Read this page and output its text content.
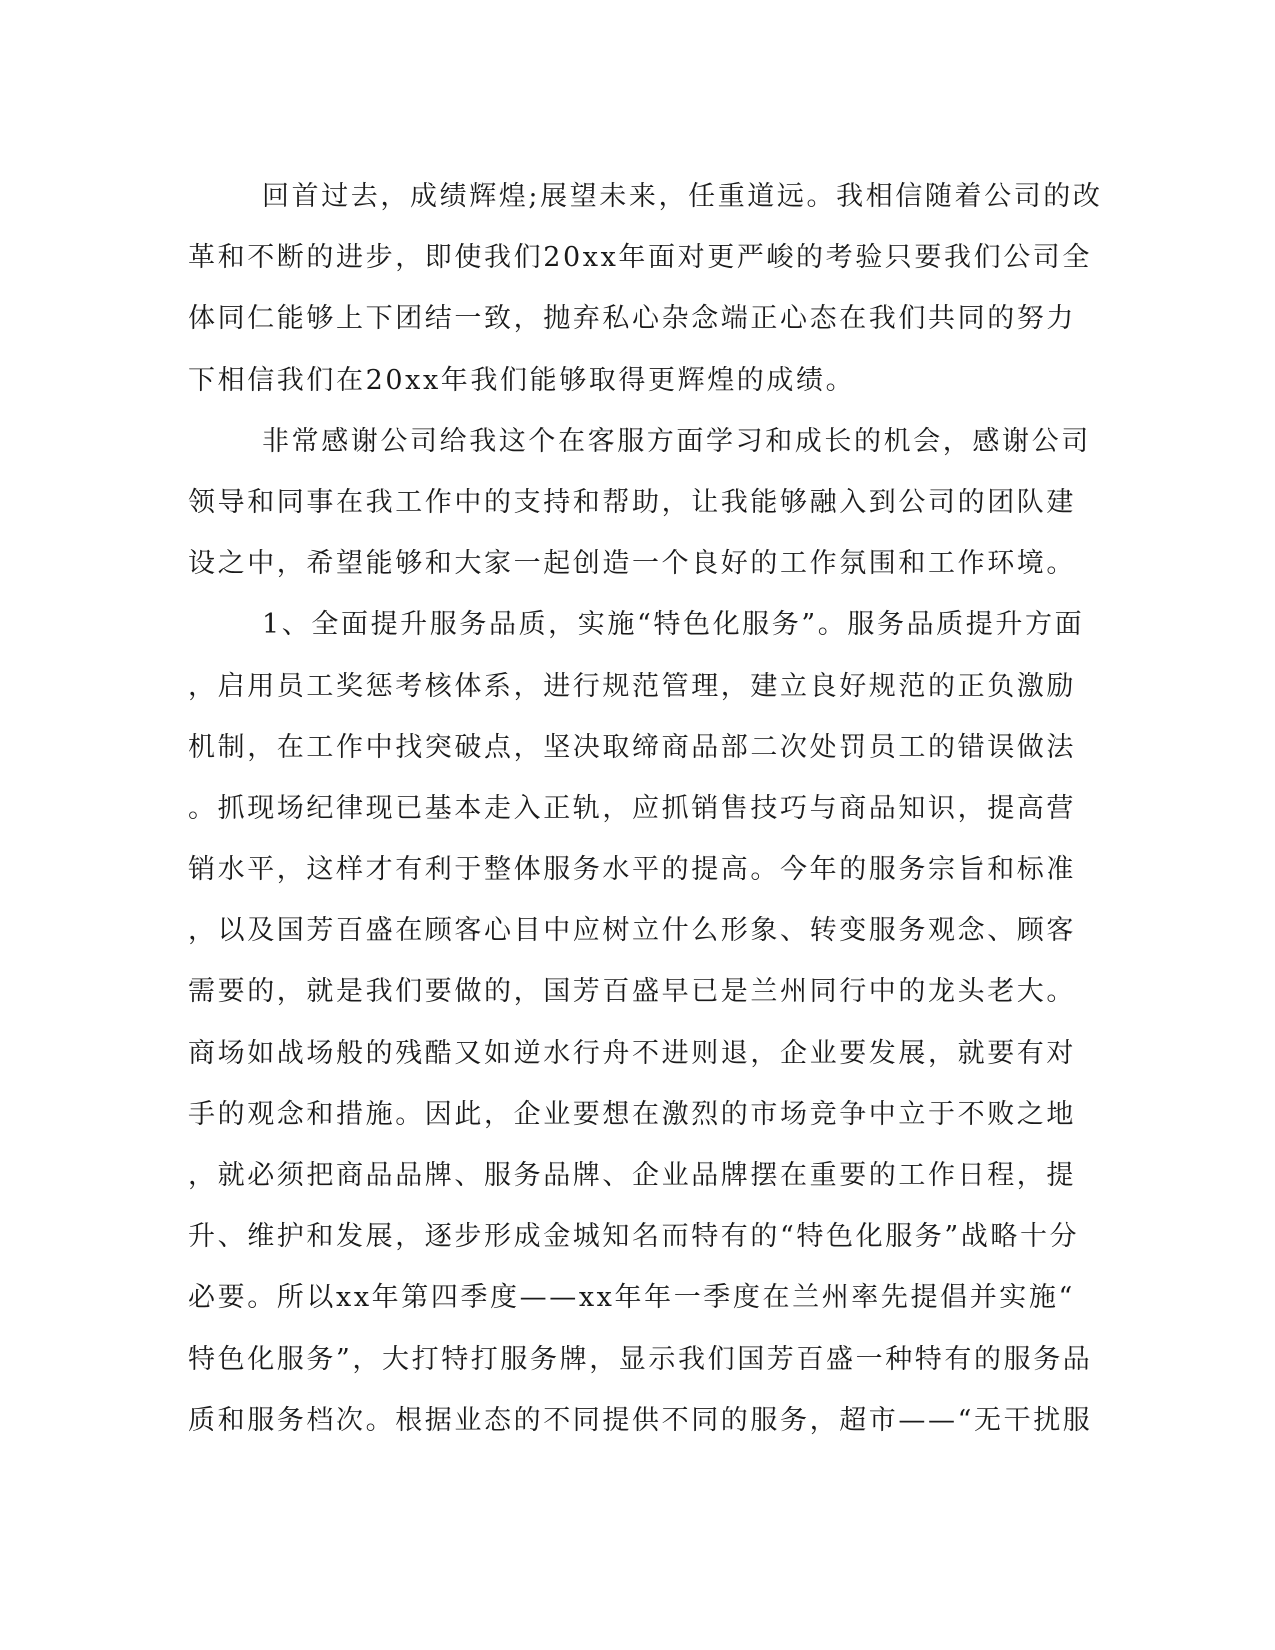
回首过去，成绩辉煌;展望未来，任重道远。我相信随着公司的改
革和不断的进步，即使我们20xx年面对更严峻的考验只要我们公司全
体同仁能够上下团结一致，抛弃私心杂念端正心态在我们共同的努力
下相信我们在20xx年我们能够取得更辉煌的成绩。
非常感谢公司给我这个在客服方面学习和成长的机会，感谢公司
领导和同事在我工作中的支持和帮助，让我能够融入到公司的团队建
设之中，希望能够和大家一起创造一个良好的工作氛围和工作环境。
1、全面提升服务品质，实施“特色化服务”。服务品质提升方面
，启用员工奖惩考核体系，进行规范管理，建立良好规范的正负激励
机制，在工作中找突破点，坚决取缔商品部二次处罚员工的错误做法
。抓现场纪律现已基本走入正轨，应抓销售技巧与商品知识，提高营
销水平，这样才有利于整体服务水平的提高。今年的服务宗旨和标准
，以及国芳百盛在顾客心目中应树立什么形象、转变服务观念、顾客
需要的，就是我们要做的，国芳百盛早已是兰州同行中的龙头老大。
商场如战场般的残酷又如逆水行舟不进则退，企业要发展，就要有对
手的观念和措施。因此，企业要想在激烈的市场竞争中立于不败之地
，就必须把商品品牌、服务品牌、企业品牌摆在重要的工作日程，提
升、维护和发展，逐步形成金城知名而特有的“特色化服务”战略十分
必要。所以xx年第四季度——xx年年一季度在兰州率先提倡并实施“
特色化服务”，大打特打服务牌，显示我们国芳百盛一种特有的服务品
质和服务档次。根据业态的不同提供不同的服务，超市——“无干扰服
